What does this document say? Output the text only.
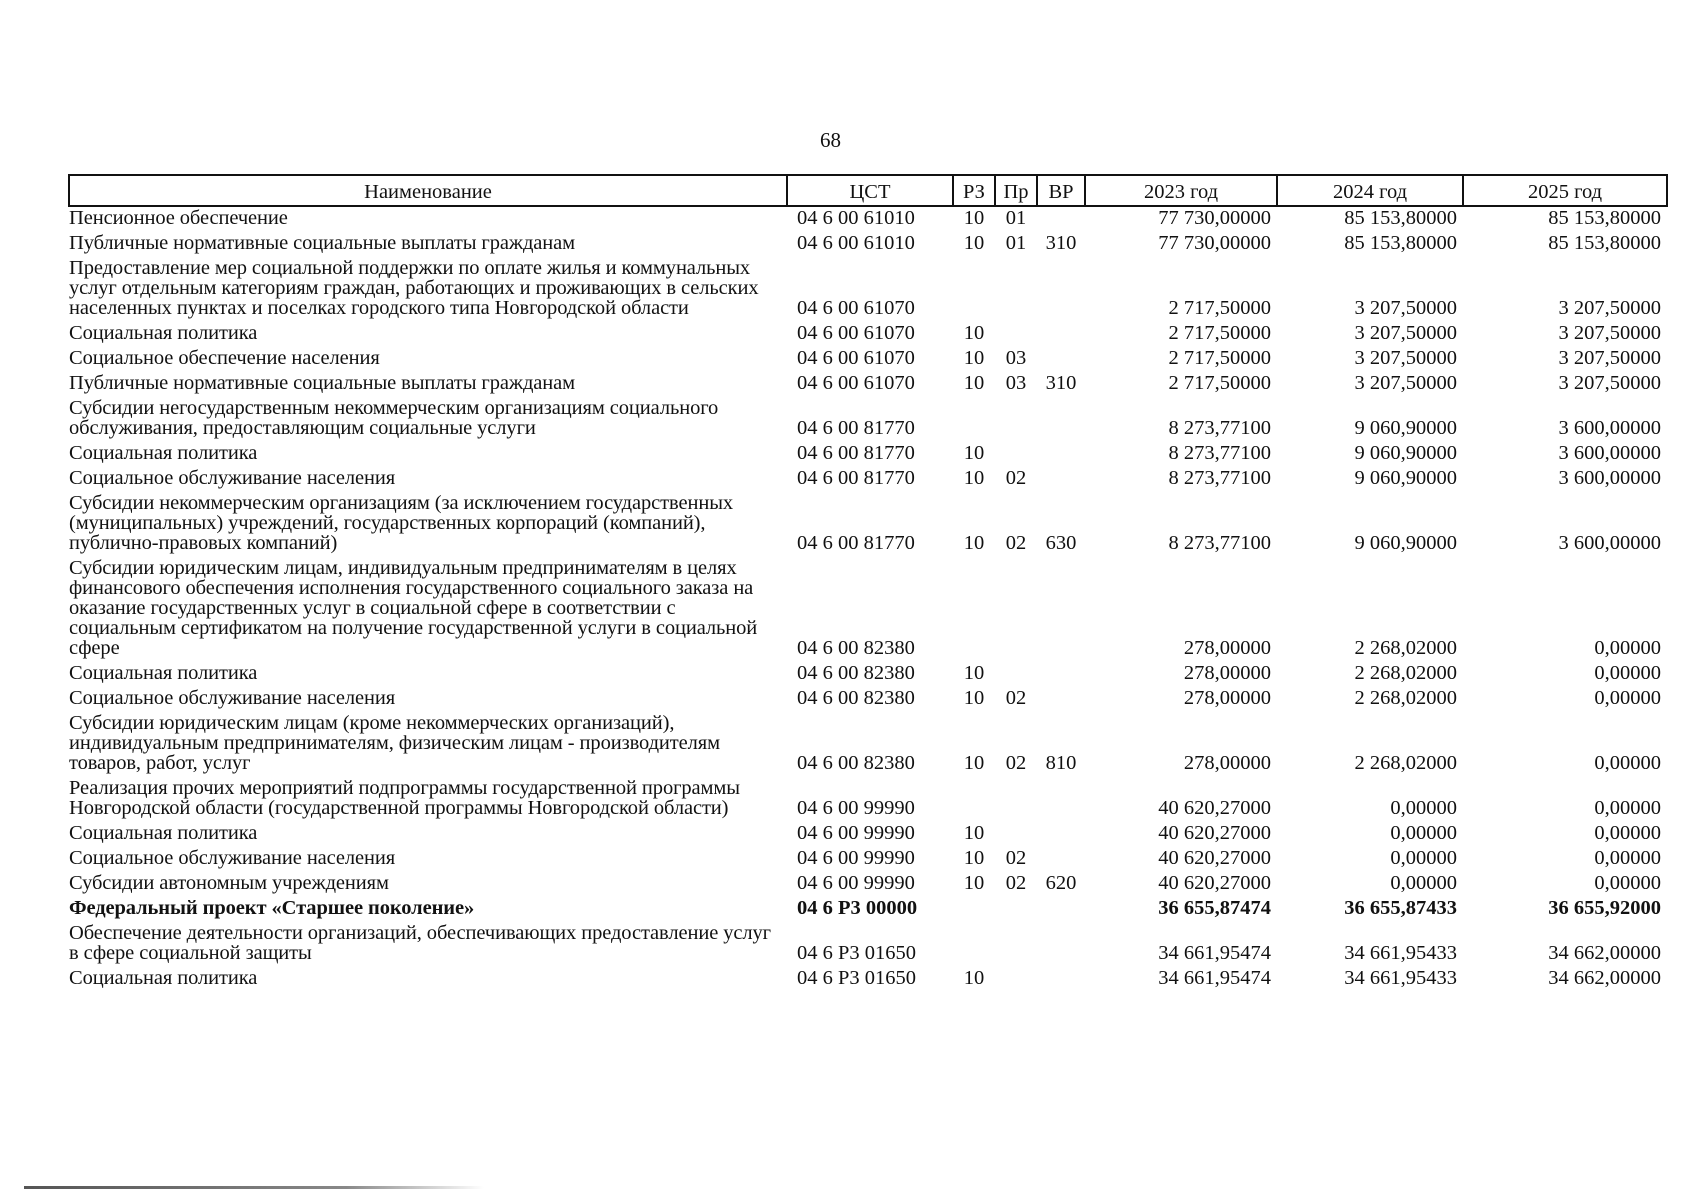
68
Наименование	ЦСТ	РЗ	Пр	ВР	2023 год	2024 год	2025 год
Пенсионное обеспечение	04 6 00 61010	10	01		77 730,00000	85 153,80000	85 153,80000
Публичные нормативные социальные выплаты гражданам	04 6 00 61010	10	01	310	77 730,00000	85 153,80000	85 153,80000
Предоставление мер социальной поддержки по оплате жилья и коммунальных услуг отдельным категориям граждан, работающих и проживающих в сельских населенных пунктах и поселках городского типа Новгородской области	04 6 00 61070				2 717,50000	3 207,50000	3 207,50000
Социальная политика	04 6 00 61070	10			2 717,50000	3 207,50000	3 207,50000
Социальное обеспечение населения	04 6 00 61070	10	03		2 717,50000	3 207,50000	3 207,50000
Публичные нормативные социальные выплаты гражданам	04 6 00 61070	10	03	310	2 717,50000	3 207,50000	3 207,50000
Субсидии негосударственным некоммерческим организациям социального обслуживания, предоставляющим социальные услуги	04 6 00 81770				8 273,77100	9 060,90000	3 600,00000
Социальная политика	04 6 00 81770	10			8 273,77100	9 060,90000	3 600,00000
Социальное обслуживание населения	04 6 00 81770	10	02		8 273,77100	9 060,90000	3 600,00000
Субсидии некоммерческим организациям (за исключением государственных (муниципальных) учреждений, государственных корпораций (компаний), публично-правовых компаний)	04 6 00 81770	10	02	630	8 273,77100	9 060,90000	3 600,00000
Субсидии юридическим лицам, индивидуальным предпринимателям в целях финансового обеспечения исполнения государственного социального заказа на оказание государственных услуг в социальной сфере в соответствии с социальным сертификатом на получение государственной услуги в социальной сфере	04 6 00 82380				278,00000	2 268,02000	0,00000
Социальная политика	04 6 00 82380	10			278,00000	2 268,02000	0,00000
Социальное обслуживание населения	04 6 00 82380	10	02		278,00000	2 268,02000	0,00000
Субсидии юридическим лицам (кроме некоммерческих организаций), индивидуальным предпринимателям, физическим лицам - производителям товаров, работ, услуг	04 6 00 82380	10	02	810	278,00000	2 268,02000	0,00000
Реализация прочих мероприятий подпрограммы государственной программы Новгородской области (государственной программы Новгородской области)	04 6 00 99990				40 620,27000	0,00000	0,00000
Социальная политика	04 6 00 99990	10			40 620,27000	0,00000	0,00000
Социальное обслуживание населения	04 6 00 99990	10	02		40 620,27000	0,00000	0,00000
Субсидии автономным учреждениям	04 6 00 99990	10	02	620	40 620,27000	0,00000	0,00000
Федеральный проект «Старшее поколение»	04 6 Р3 00000				36 655,87474	36 655,87433	36 655,92000
Обеспечение деятельности организаций, обеспечивающих предоставление услуг в сфере социальной защиты	04 6 Р3 01650				34 661,95474	34 661,95433	34 662,00000
Социальная политика	04 6 Р3 01650	10			34 661,95474	34 661,95433	34 662,00000
